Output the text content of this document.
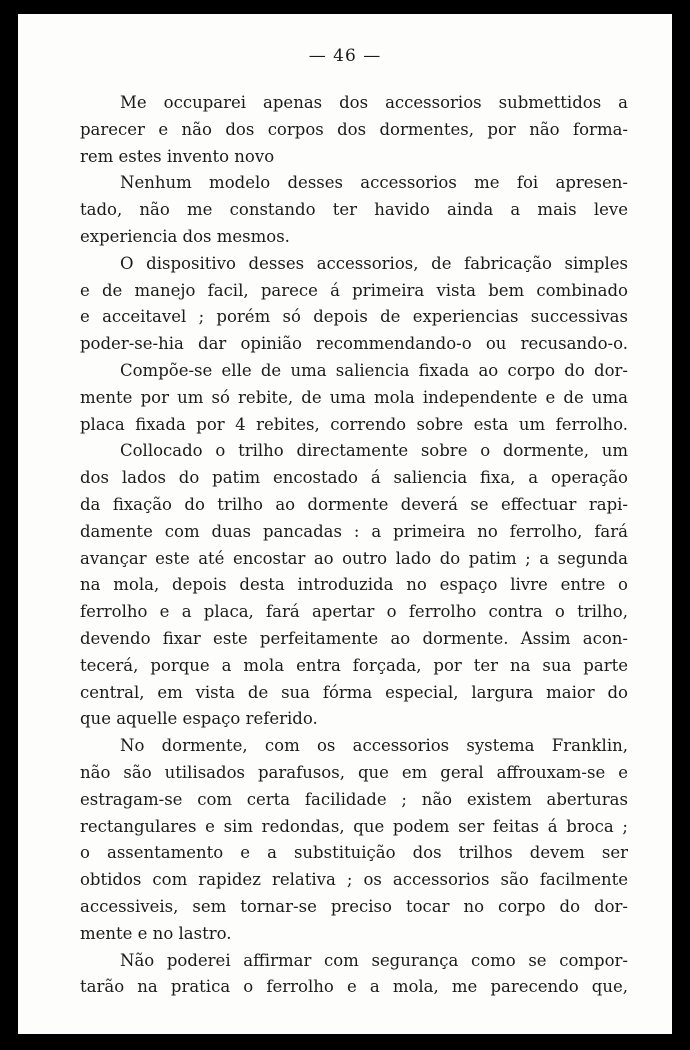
— 46 —
Me occuparei apenas dos accessorios submettidos a
parecer e não dos corpos dos dormentes, por não forma-
rem estes invento novo
Nenhum modelo desses accessorios me foi apresen-
tado, não me constando ter havido ainda a mais leve
experiencia dos mesmos.
O dispositivo desses accessorios, de fabricação simples
e de manejo facil, parece á primeira vista bem combinado
e acceitavel ; porém só depois de experiencias successivas
poder-se-hia dar opinião recommendando-o ou recusando-o.
Compõe-se elle de uma saliencia fixada ao corpo do dor-
mente por um só rebite, de uma mola independente e de uma
placa fixada por 4 rebites, correndo sobre esta um ferrolho.
Collocado o trilho directamente sobre o dormente, um
dos lados do patim encostado á saliencia fixa, a operação
da fixação do trilho ao dormente deverá se effectuar rapi-
damente com duas pancadas : a primeira no ferrolho, fará
avançar este até encostar ao outro lado do patim ; a segunda
na mola, depois desta introduzida no espaço livre entre o
ferrolho e a placa, fará apertar o ferrolho contra o trilho,
devendo fixar este perfeitamente ao dormente. Assim acon-
tecerá, porque a mola entra forçada, por ter na sua parte
central, em vista de sua fórma especial, largura maior do
que aquelle espaço referido.
No dormente, com os accessorios systema Franklin,
não são utilisados parafusos, que em geral affrouxam-se e
estragam-se com certa facilidade ; não existem aberturas
rectangulares e sim redondas, que podem ser feitas á broca ;
o assentamento e a substituição dos trilhos devem ser
obtidos com rapidez relativa ; os accessorios são facilmente
accessiveis, sem tornar-se preciso tocar no corpo do dor-
mente e no lastro.
Não poderei affirmar com segurança como se compor-
tarão na pratica o ferrolho e a mola, me parecendo que,
